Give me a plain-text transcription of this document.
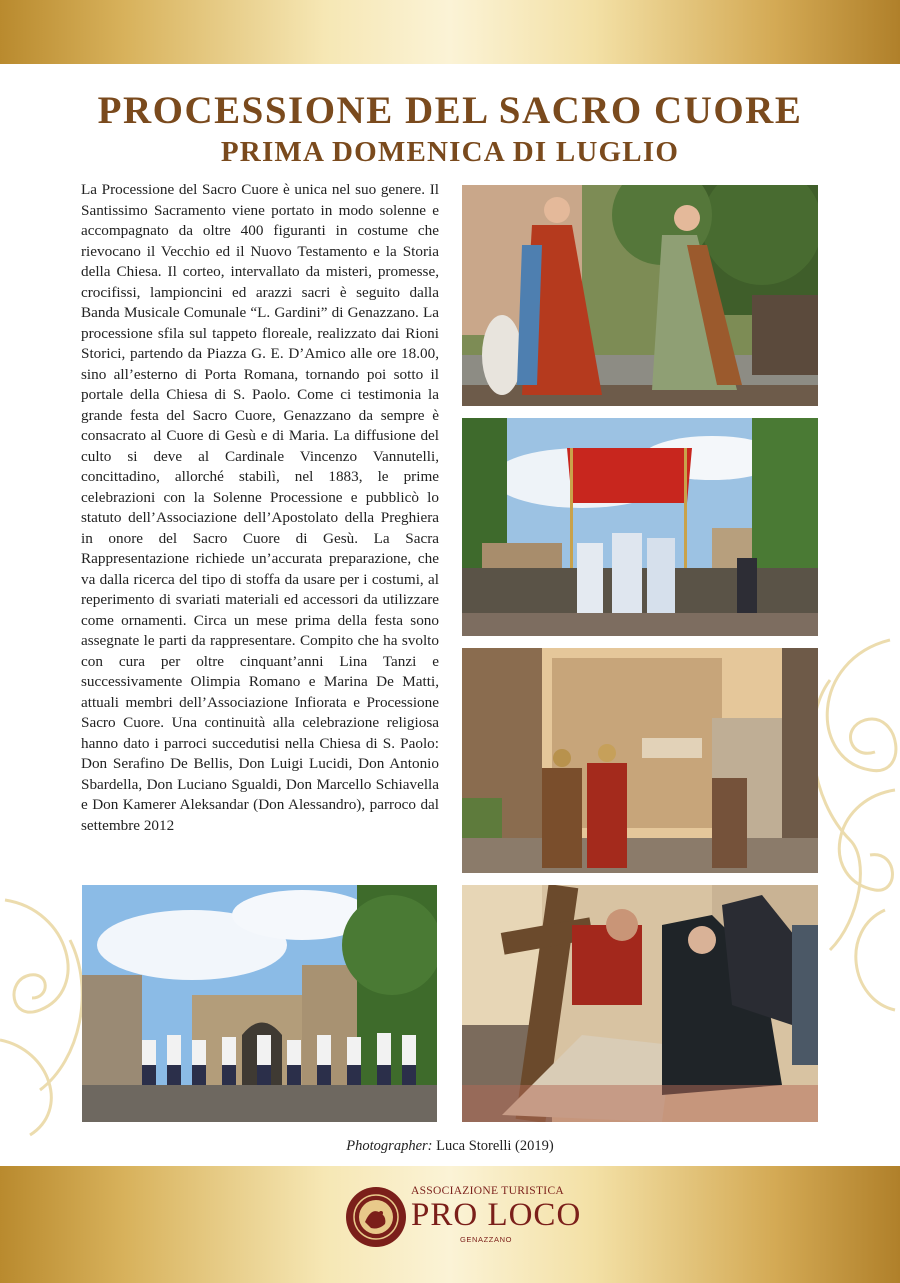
PROCESSIONE DEL SACRO CUORE
PRIMA DOMENICA DI LUGLIO

La Processione del Sacro Cuore è unica nel suo genere. Il Santissimo Sacramento viene portato in modo solenne e accompagnato da oltre 400 figuranti in costume che rievocano il Vecchio ed il Nuovo Testamento e la Storia della Chiesa. Il corteo, intervallato da misteri, promesse, crocifissi, lampioncini ed arazzi sacri è seguito dalla Banda Musicale Comunale “L. Gardini” di Genazzano. La processione sfila sul tappeto floreale, realizzato dai Rioni Storici, partendo da Piazza G. E. D’Amico alle ore 18.00, sino all’esterno di Porta Romana, tornando poi sotto il portale della Chiesa di S. Paolo. Come ci testimonia la grande festa del Sacro Cuore, Genazzano da sempre è consacrato al Cuore di Gesù e di Maria. La diffusione del culto si deve al Cardinale Vincenzo Vannutelli, concittadino, allorché stabilì, nel 1883, le prime celebrazioni con la Solenne Processione e pubblicò lo statuto dell’Associazione dell’Apostolato della Preghiera in onore del Sacro Cuore di Gesù. La Sacra Rappresentazione richiede un’accurata preparazione, che va dalla ricerca del tipo di stoffa da usare per i costumi, al reperimento di svariati materiali ed accessori da utilizzare come ornamenti. Circa un mese prima della festa sono assegnate le parti da rappresentare. Compito che ha svolto con cura per oltre cinquant’anni Lina Tanzi e successivamente Olimpia Romano e Marina De Matti, attuali membri dell’Associazione Infiorata e Processione Sacro Cuore. Una continuità alla celebrazione religiosa hanno dato i parroci succedutisi nella Chiesa di S. Paolo: Don Serafino De Bellis, Don Luigi Lucidi, Don Antonio Sbardella, Don Luciano Sgualdi, Don Marcello Schiavella e Don Kamerer Aleksandar (Don Alessandro), parroco dal settembre 2012

Photographer: Luca Storelli (2019)

ASSOCIAZIONE TURISTICA
PRO LOCO
GENAZZANO
